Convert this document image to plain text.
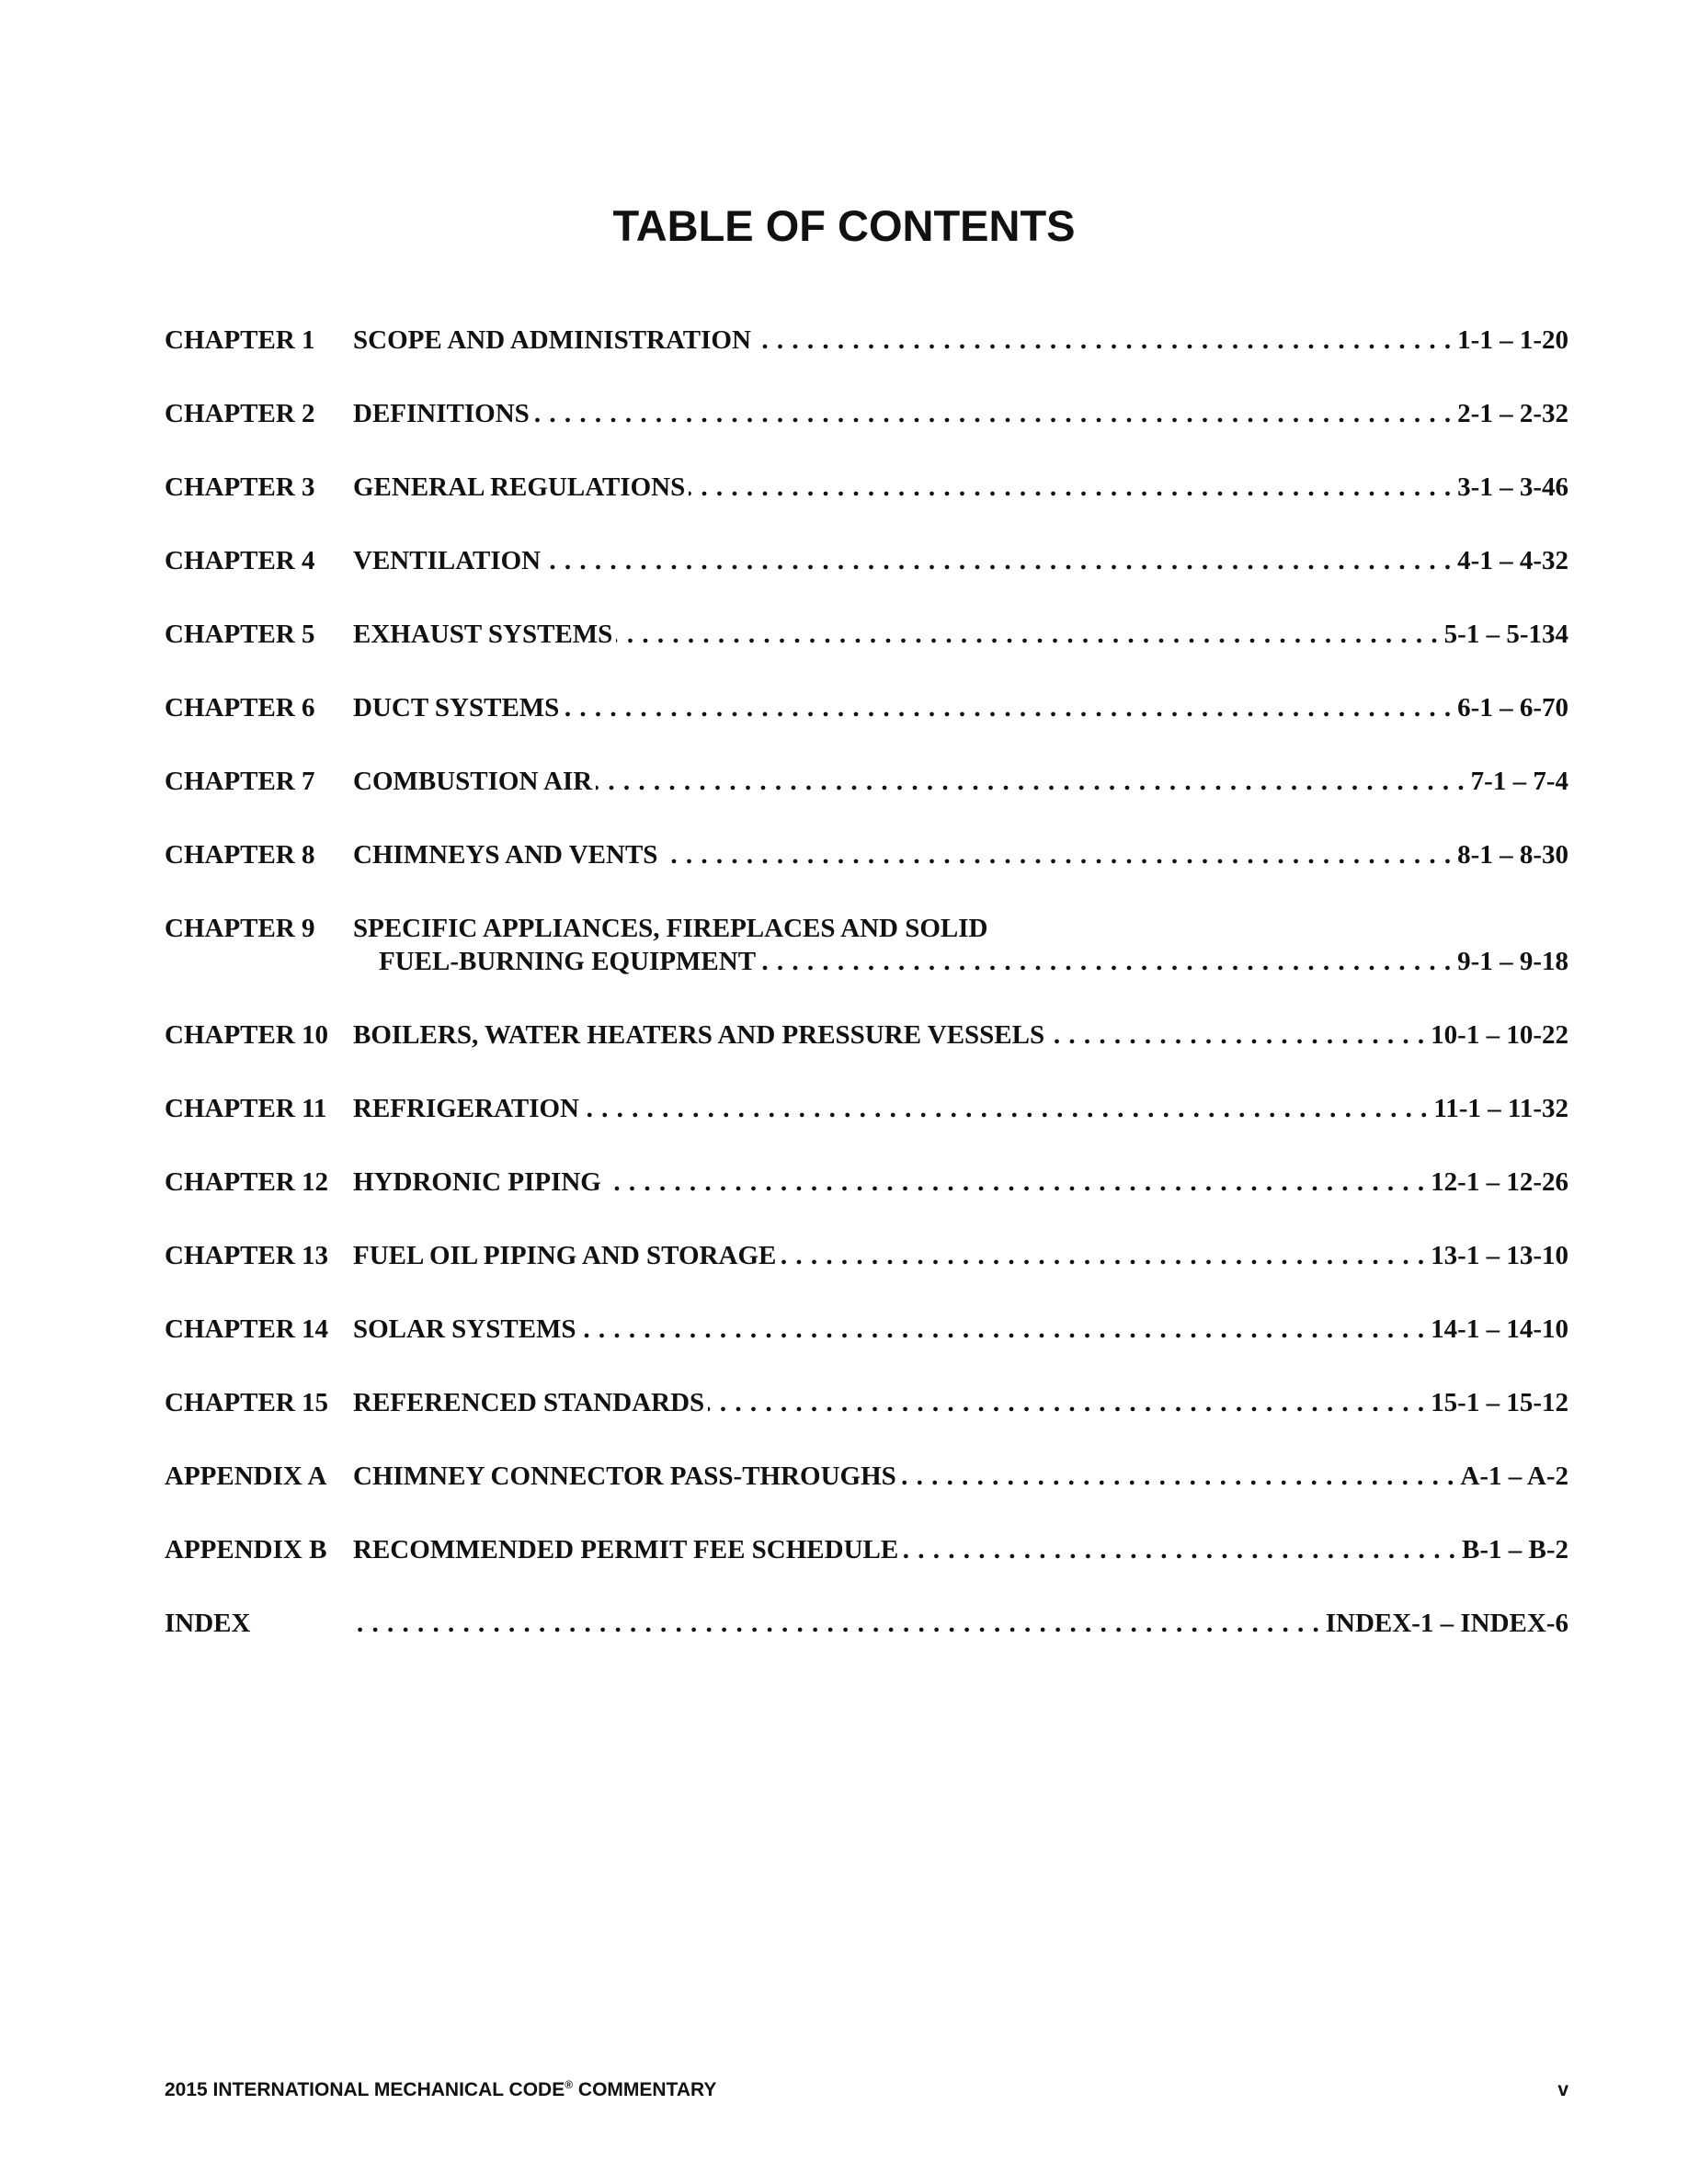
TABLE OF CONTENTS
CHAPTER 1 SCOPE AND ADMINISTRATION . . .	1-1 – 1-20
CHAPTER 2 DEFINITIONS . . .	2-1 – 2-32
CHAPTER 3 GENERAL REGULATIONS . . .	3-1 – 3-46
CHAPTER 4 VENTILATION . . .	4-1 – 4-32
CHAPTER 5 EXHAUST SYSTEMS . . .	5-1 – 5-134
CHAPTER 6 DUCT SYSTEMS . . .	6-1 – 6-70
CHAPTER 7 COMBUSTION AIR . . .	7-1 – 7-4
CHAPTER 8 CHIMNEYS AND VENTS . . .	8-1 – 8-30
CHAPTER 9 SPECIFIC APPLIANCES, FIREPLACES AND SOLID
FUEL-BURNING EQUIPMENT . . .	9-1 – 9-18
CHAPTER 10 BOILERS, WATER HEATERS AND PRESSURE VESSELS . . .	10-1 – 10-22
CHAPTER 11 REFRIGERATION . . .	11-1 – 11-32
CHAPTER 12 HYDRONIC PIPING . . .	12-1 – 12-26
CHAPTER 13 FUEL OIL PIPING AND STORAGE . . .	13-1 – 13-10
CHAPTER 14 SOLAR SYSTEMS . . .	14-1 – 14-10
CHAPTER 15 REFERENCED STANDARDS . . .	15-1 – 15-12
APPENDIX A CHIMNEY CONNECTOR PASS-THROUGHS . . .	A-1 – A-2
APPENDIX B RECOMMENDED PERMIT FEE SCHEDULE . . .	B-1 – B-2
INDEX . . .	INDEX-1 – INDEX-6
2015 INTERNATIONAL MECHANICAL CODE® COMMENTARY	v
